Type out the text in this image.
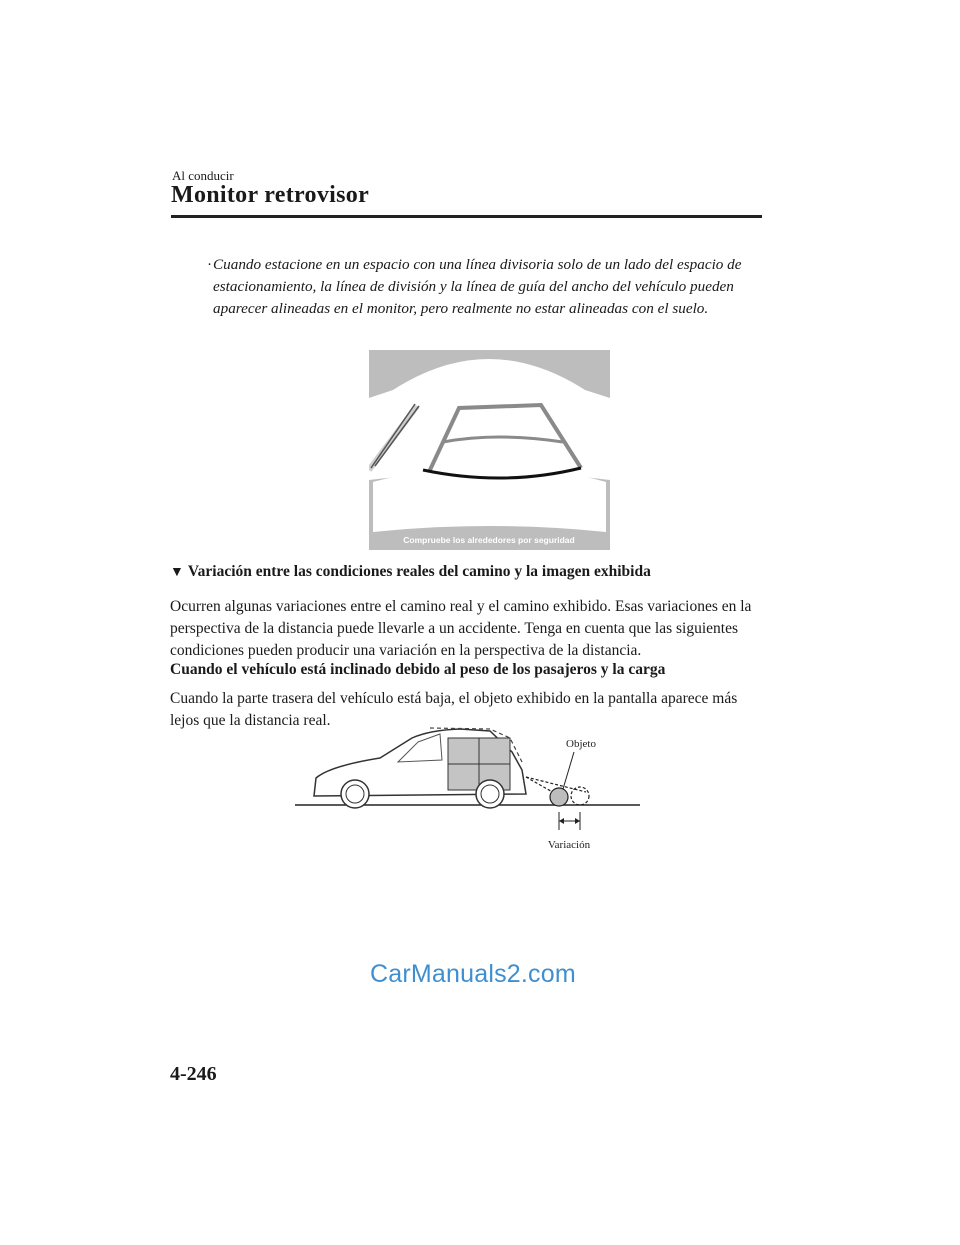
Al conducir
Monitor retrovisor
· Cuando estacione en un espacio con una línea divisoria solo de un lado del espacio de estacionamiento, la línea de división y la línea de guía del ancho del vehículo pueden aparecer alineadas en el monitor, pero realmente no estar alineadas con el suelo.
Compruebe los alrededores por seguridad
▼ Variación entre las condiciones reales del camino y la imagen exhibida
Ocurren algunas variaciones entre el camino real y el camino exhibido. Esas variaciones en la perspectiva de la distancia puede llevarle a un accidente. Tenga en cuenta que las siguientes condiciones pueden producir una variación en la perspectiva de la distancia.
Cuando el vehículo está inclinado debido al peso de los pasajeros y la carga
Cuando la parte trasera del vehículo está baja, el objeto exhibido en la pantalla aparece más lejos que la distancia real.
Objeto
Variación
CarManuals2.com
4-246
